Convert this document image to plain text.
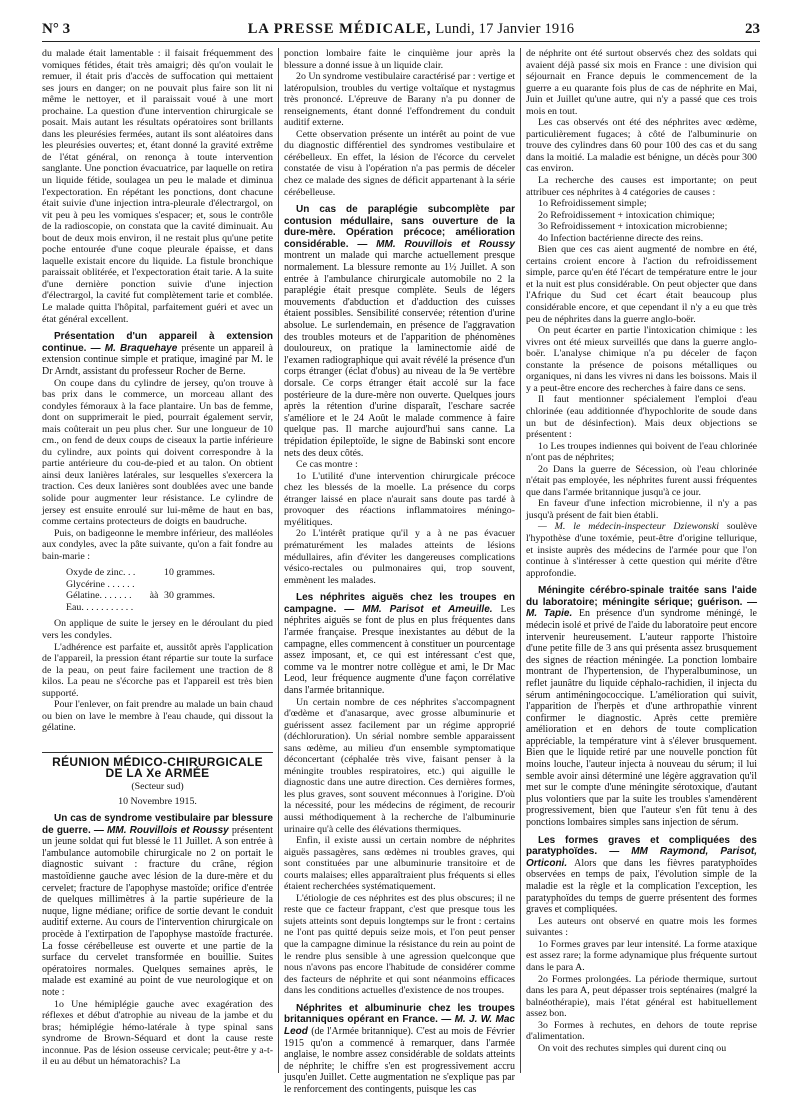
N° 3	LA PRESSE MÉDICALE, Lundi, 17 Janvier 1916	23

du malade était lamentable : il faisait fréquemment des vomiques fétides, était très amaigri; dès qu'on voulait le remuer, il était pris d'accès de suffocation qui mettaient ses jours en danger; on ne pouvait plus faire son lit ni même le nettoyer, et il paraissait voué à une mort prochaine. La question d'une intervention chirurgicale se posait. Mais autant les résultats opératoires sont brillants dans les pleurésies fermées, autant ils sont aléatoires dans les pleurésies ouvertes; et, étant donné la gravité extrême de l'état général, on renonça à toute intervention sanglante. Une ponction évacuatrice, par laquelle on retira un liquide fétide, soulagea un peu le malade et diminua l'expectoration. En répétant les ponctions, dont chacune était suivie d'une injection intra-pleurale d'électrargol, on vit peu à peu les vomiques s'espacer; et, sous le contrôle de la radioscopie, on constata que la cavité diminuait. Au bout de deux mois environ, il ne restait plus qu'une petite poche entourée d'une coque pleurale épaisse, et dans laquelle existait encore du liquide. La fistule bronchique paraissait oblitérée, et l'expectoration était tarie. A la suite d'une dernière ponction suivie d'une injection d'électrargol, la cavité fut complètement tarie et comblée. Le malade quitta l'hôpital, parfaitement guéri et avec un état général excellent.

Présentation d'un appareil à extension continue. — M. Braquehaye présente un appareil à extension continue simple et pratique, imaginé par M. le Dr Arndt, assistant du professeur Rocher de Berne.

On coupe dans du cylindre de jersey, qu'on trouve à bas prix dans le commerce, un morceau allant des condyles fémoraux à la face plantaire. Un bas de femme, dont on supprimerait le pied, pourrait également servir, mais coûterait un peu plus cher. Sur une longueur de 10 cm., on fend de deux coups de ciseaux la partie inférieure du cylindre, aux points qui doivent correspondre à la partie antérieure du cou-de-pied et au talon. On obtient ainsi deux lanières latérales, sur lesquelles s'exercera la traction. Ces deux lanières sont doublées avec une bande solide pour augmenter leur résistance. Le cylindre de jersey est ensuite enroulé sur lui-même de haut en bas, comme certains protecteurs de doigts en baudruche.

Puis, on badigeonne le membre inférieur, des malléoles aux condyles, avec la pâte suivante, qu'on a fait fondre au bain-marie :

Oxyde de zinc. . .	10 grammes.
Glycérine . . . . . .
Gélatine. . . . . . .	àà 30 grammes.
Eau. . . . . . . . . . .

On applique de suite le jersey en le déroulant du pied vers les condyles.

L'adhérence est parfaite et, aussitôt après l'application de l'appareil, la pression étant répartie sur toute la surface de la peau, on peut faire facilement une traction de 8 kilos. La peau ne s'écorche pas et l'appareil est très bien supporté.

Pour l'enlever, on fait prendre au malade un bain chaud ou bien on lave le membre à l'eau chaude, qui dissout la gélatine.

RÉUNION MÉDICO-CHIRURGICALE DE LA Xe ARMÉE
(Secteur sud)
10 Novembre 1915.
Un cas de syndrome vestibulaire par blessure de guerre. — MM. Rouvillois et Roussy présentent un jeune soldat qui fut blessé le 11 Juillet. A son entrée à l'ambulance automobile chirurgicale no 2 on portait le diagnostic suivant : fracture du crâne, région mastoïdienne gauche avec lésion de la dure-mère et du cervelet; fracture de l'apophyse mastoïde; orifice d'entrée de quelques millimètres à la partie supérieure de la nuque, ligne médiane; orifice de sortie devant le conduit auditif externe. Au cours de l'intervention chirurgicale on procède à l'extirpation de l'apophyse mastoïde fracturée. La fosse cérébelleuse est ouverte et une partie de la surface du cervelet transformée en bouillie. Suites opératoires normales. Quelques semaines après, le malade est examiné au point de vue neurologique et on note :

1o Une hémiplégie gauche avec exagération des réflexes et début d'atrophie au niveau de la jambe et du bras; hémiplégie hémo-latérale à type spinal sans syndrome de Brown-Séquard et dont la cause reste inconnue. Pas de lésion osseuse cervicale; peut-être y a-t-il eu au début un hématorachis? La

ponction lombaire faite le cinquième jour après la blessure a donné issue à un liquide clair.

2o Un syndrome vestibulaire caractérisé par : vertige et latéropulsion, troubles du vertige voltaïque et nystagmus très prononcé. L'épreuve de Barany n'a pu donner de renseignements, étant donné l'effondrement du conduit auditif externe.

Cette observation présente un intérêt au point de vue du diagnostic différentiel des syndromes vestibulaire et cérébelleux. En effet, la lésion de l'écorce du cervelet constatée de visu à l'opération n'a pas permis de déceler chez ce malade des signes de déficit appartenant à la série cérébelleuse.

Un cas de paraplégie subcomplète par contusion médullaire, sans ouverture de la dure-mère. Opération précoce; amélioration considérable. — MM. Rouvillois et Roussy montrent un malade qui marche actuellement presque normalement. La blessure remonte au 1½ Juillet. A son entrée à l'ambulance chirurgicale automobile no 2 la paraplégie était presque complète. Seuls de légers mouvements d'abduction et d'adduction des cuisses étaient possibles. Sensibilité conservée; rétention d'urine absolue. Le surlendemain, en présence de l'aggravation des troubles moteurs et de l'apparition de phénomènes douloureux, on pratique la laminectomie aidé de l'examen radiographique qui avait révélé la présence d'un corps étranger (éclat d'obus) au niveau de la 9e vertèbre dorsale. Ce corps étranger était accolé sur la face postérieure de la dure-mère non ouverte. Quelques jours après la rétention d'urine disparaît, l'eschare sacrée s'améliore et le 24 Août le malade commence à faire quelque pas. Il marche aujourd'hui sans canne. La trépidation épileptoïde, le signe de Babinski sont encore nets des deux côtés.

Ce cas montre :

1o L'utilité d'une intervention chirurgicale précoce chez les blessés de la moelle. La présence du corps étranger laissé en place n'aurait sans doute pas tardé à provoquer des réactions inflammatoires méningo-myélitiques.

2o L'intérêt pratique qu'il y a à ne pas évacuer prématurément les malades atteints de lésions médullaires, afin d'éviter les dangereuses complications vésico-rectales ou pulmonaires qui, trop souvent, emmènent les malades.

Les néphrites aiguës chez les troupes en campagne. — MM. Parisot et Ameuille. Les néphrites aiguës se font de plus en plus fréquentes dans l'armée française. Presque inexistantes au début de la campagne, elles commencent à constituer un pourcentage assez imposant, et, ce qui est intéressant c'est que, comme va le montrer notre collègue et ami, le Dr Mac Leod, leur fréquence augmente d'une façon corrélative dans l'armée britannique.

Un certain nombre de ces néphrites s'accompagnent d'œdème et d'anasarque, avec grosse albuminurie et guérissent assez facilement par un régime approprié (déchloruration). Un sérial nombre semble apparaissent sans œdème, au milieu d'un ensemble symptomatique déconcertant (céphalée très vive, faisant penser à la méningite troubles respiratoires, etc.) qui aiguille le diagnostic dans une autre direction. Ces dernières formes, les plus graves, sont souvent méconnues à l'origine. D'où la nécessité, pour les médecins de régiment, de recourir aussi méthodiquement à la recherche de l'albuminurie urinaire qu'à celle des élévations thermiques.

Enfin, il existe aussi un certain nombre de néphrites aiguës passagères, sans œdèmes ni troubles graves, qui sont constituées par une albuminurie transitoire et de courts malaises; elles apparaîtraient plus fréquents si elles étaient recherchées systématiquement.

L'étiologie de ces néphrites est des plus obscures; il ne reste que ce facteur frappant, c'est que presque tous les sujets atteints sont depuis longtemps sur le front : certains ne l'ont pas quitté depuis seize mois, et l'on peut penser que la campagne diminue la résistance du rein au point de le rendre plus sensible à une agression quelconque que nous n'avons pas encore l'habitude de considérer comme des facteurs de néphrite et qui sont néanmoins efficaces dans les conditions actuelles d'existence de nos troupes.

Néphrites et albuminurie chez les troupes britanniques opérant en France. — M. J. W. Mac Leod (de l'Armée britannique). C'est au mois de Février 1915 qu'on a commencé à remarquer, dans l'armée anglaise, le nombre assez considérable de soldats atteints de néphrite; le chiffre s'en est progressivement accru jusqu'en Juillet. Cette augmentation ne s'explique pas par le renforcement des contingents, puisque les cas

de néphrite ont été surtout observés chez des soldats qui avaient déjà passé six mois en France : une division qui séjournait en France depuis le commencement de la guerre a eu quarante fois plus de cas de néphrite en Mai, Juin et Juillet qu'une autre, qui n'y a passé que ces trois mois en tout.

Les cas observés ont été des néphrites avec œdème, particulièrement fugaces; à côté de l'albuminurie on trouve des cylindres dans 60 pour 100 des cas et du sang dans la moitié. La maladie est bénigne, un décès pour 300 cas environ.

La recherche des causes est importante; on peut attribuer ces néphrites à 4 catégories de causes :

1o Refroidissement simple;

2o Refroidissement + intoxication chimique;

3o Refroidissement + intoxication microbienne;

4o Infection bactérienne directe des reins.

Bien que ces cas aient augmenté de nombre en été, certains croient encore à l'action du refroidissement simple, parce qu'en été l'écart de température entre le jour et la nuit est plus considérable. On peut objecter que dans l'Afrique du Sud cet écart était beaucoup plus considérable encore, et que cependant il n'y a eu que très peu de néphrites dans la guerre anglo-boër.

On peut écarter en partie l'intoxication chimique : les vivres ont été mieux surveillés que dans la guerre anglo-boër. L'analyse chimique n'a pu déceler de façon constante la présence de poisons métalliques ou organiques, ni dans les vivres ni dans les boissons. Mais il y a peut-être encore des recherches à faire dans ce sens.

Il faut mentionner spécialement l'emploi d'eau chlorinée (eau additionnée d'hypochlorite de soude dans un but de désinfection). Mais deux objections se présentent :

1o Les troupes indiennes qui boivent de l'eau chlorinée n'ont pas de néphrites;

2o Dans la guerre de Sécession, où l'eau chlorinée n'était pas employée, les néphrites furent aussi fréquentes que dans l'armée britannique jusqu'à ce jour.

En faveur d'une infection microbienne, il n'y a pas jusqu'à présent de fait bien établi.

— M. le médecin-inspecteur Dziewonski soulève l'hypothèse d'une toxémie, peut-être d'origine tellurique, et insiste auprès des médecins de l'armée pour que l'on continue à s'intéresser à cette question qui mérite d'être approfondie.

Méningite cérébro-spinale traitée sans l'aide du laboratoire; méningite sérique; guérison. — M. Tapie. En présence d'un syndrome méningé, le médecin isolé et privé de l'aide du laboratoire peut encore intervenir heureusement. L'auteur rapporte l'histoire d'une petite fille de 3 ans qui présenta assez brusquement des signes de réaction méningée. La ponction lombaire montrant de l'hypertension, de l'hyperalbuminose, un reflet jaunâtre du liquide céphalo-rachidien, il injecta du sérum antiméningococcique. L'amélioration qui suivit, l'apparition de l'herpès et d'une arthropathie vinrent confirmer le diagnostic. Après cette première amélioration et en dehors de toute complication appréciable, la température vint à s'élever brusquement. Bien que le liquide retiré par une nouvelle ponction fût moins louche, l'auteur injecta à nouveau du sérum; il lui semble avoir ainsi déterminé une légère aggravation qu'il met sur le compte d'une méningite sérotoxique, d'autant plus volontiers que par la suite les troubles s'amendèrent progressivement, bien que l'auteur s'en fût tenu à des ponctions lombaires simples sans injection de sérum.
Les formes graves et compliquées des paratyphoïdes. — MM Raymond, Parisot, Orticoni. Alors que dans les fièvres paratyphoïdes observées en temps de paix, l'évolution simple de la maladie est la règle et la complication l'exception, les paratyphoïdes du temps de guerre présentent des formes graves et compliquées.

Les auteurs ont observé en quatre mois les formes suivantes :

1o Formes graves par leur intensité. La forme ataxique est assez rare; la forme adynamique plus fréquente surtout dans le para A.

2o Formes prolongées. La période thermique, surtout dans les para A, peut dépasser trois septénaires (malgré la balnéothérapie), mais l'état général est habituellement assez bon.

3o Formes à rechutes, en dehors de toute reprise d'alimentation.

On voit des rechutes simples qui durent cinq ou
